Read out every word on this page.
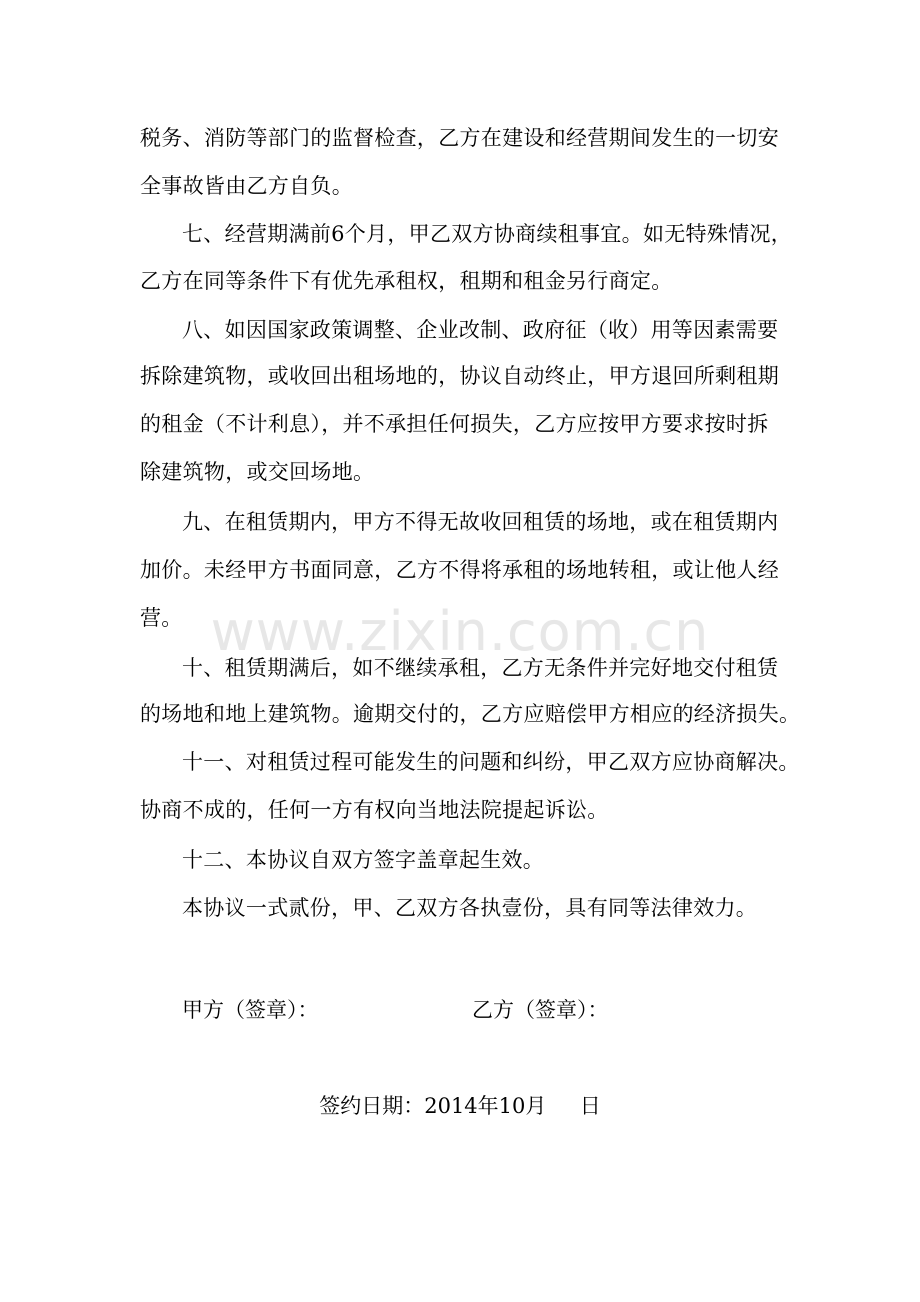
www.zixin.com.cn
税务、消防等部门的监督检查，乙方在建设和经营期间发生的一切安
全事故皆由乙方自负。
七、经营期满前6个月，甲乙双方协商续租事宜。如无特殊情况，
乙方在同等条件下有优先承租权，租期和租金另行商定。
八、如因国家政策调整、企业改制、政府征（收）用等因素需要
拆除建筑物，或收回出租场地的，协议自动终止，甲方退回所剩租期
的租金（不计利息），并不承担任何损失，乙方应按甲方要求按时拆
除建筑物，或交回场地。
九、在租赁期内，甲方不得无故收回租赁的场地，或在租赁期内
加价。未经甲方书面同意，乙方不得将承租的场地转租，或让他人经
营。
十、租赁期满后，如不继续承租，乙方无条件并完好地交付租赁
的场地和地上建筑物。逾期交付的，乙方应赔偿甲方相应的经济损失。
十一、对租赁过程可能发生的问题和纠纷，甲乙双方应协商解决。
协商不成的，任何一方有权向当地法院提起诉讼。
十二、本协议自双方签字盖章起生效。
本协议一式贰份，甲、乙双方各执壹份，具有同等法律效力。
甲方（签章）：	乙方（签章）：
签约日期：2014年10月     日
